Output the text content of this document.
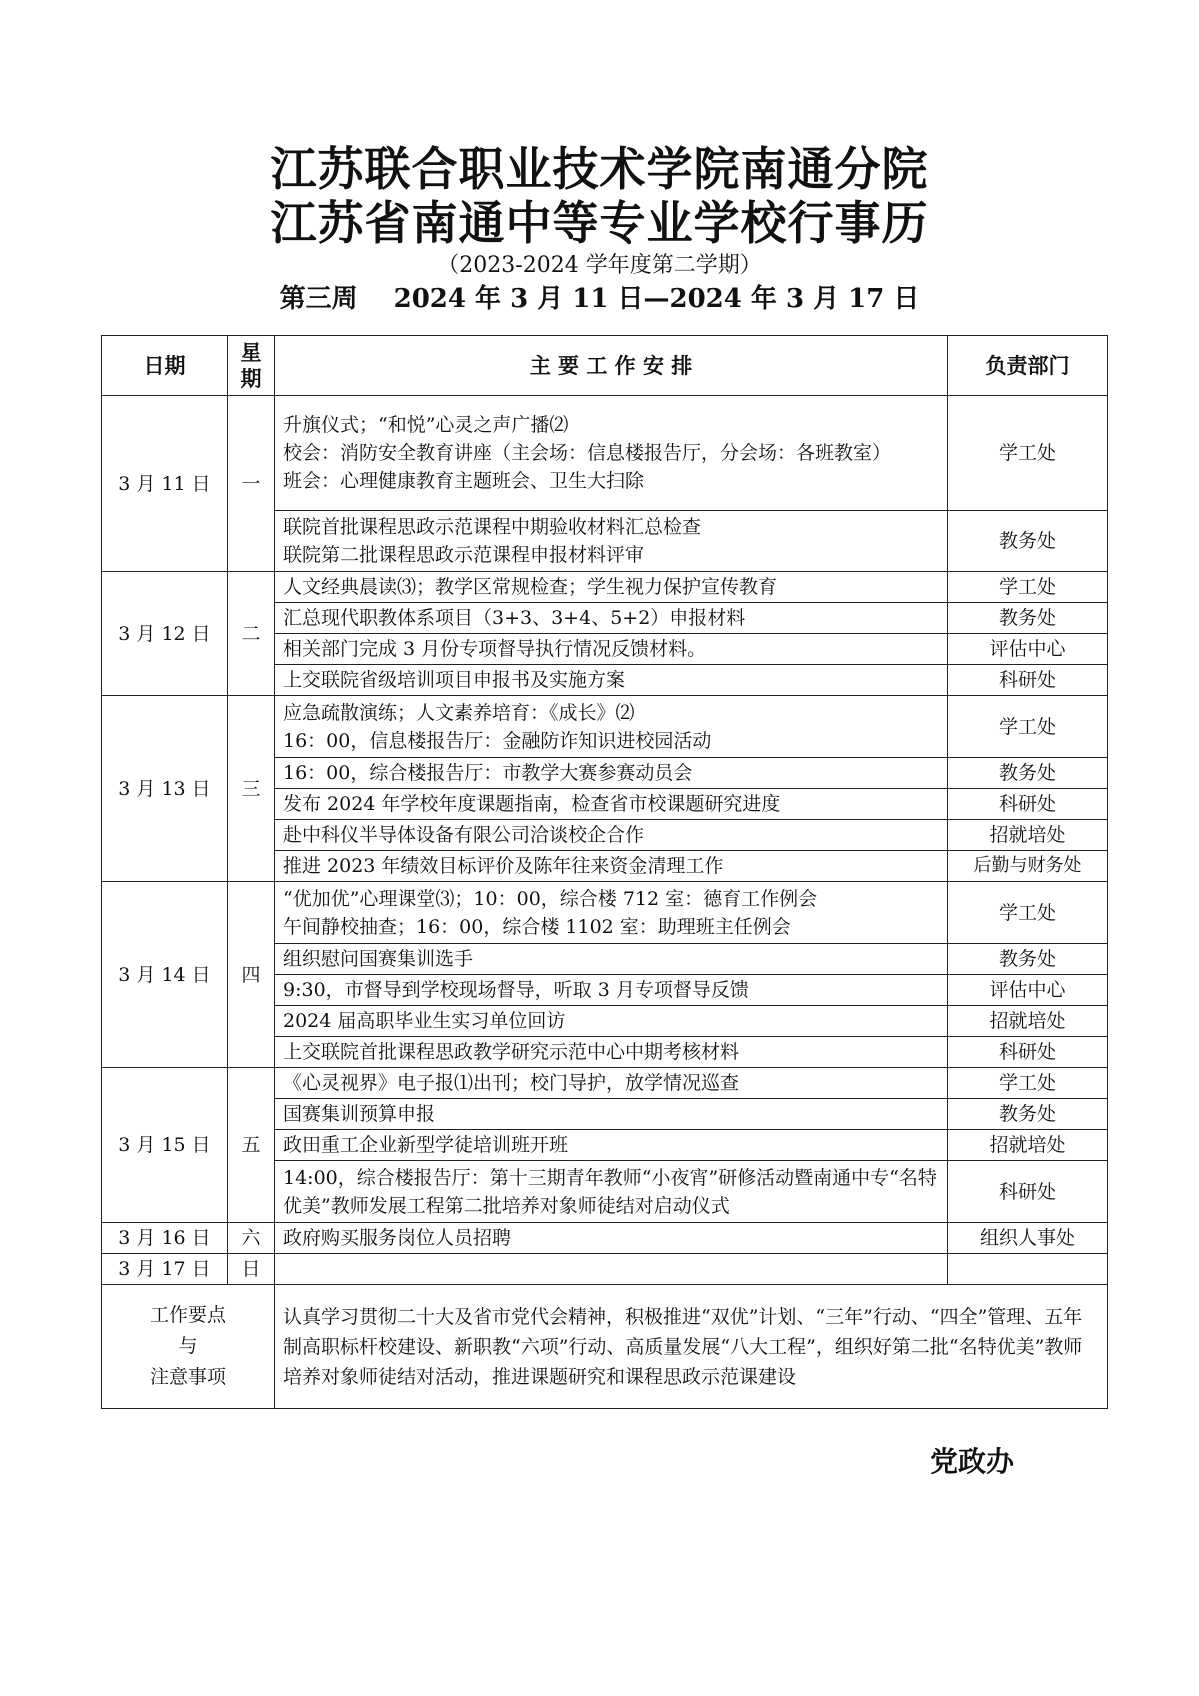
江苏联合职业技术学院南通分院
江苏省南通中等专业学校行事历
（2023-2024 学年度第二学期）
第三周 2024 年 3 月 11 日—2024 年 3 月 17 日
日期	星期	主 要 工 作 安 排	负责部门
3 月 11 日	一	升旗仪式；“和悦”心灵之声广播⑵
校会：消防安全教育讲座（主会场：信息楼报告厅，分会场：各班教室）
班会：心理健康教育主题班会、卫生大扫除	学工处

		联院首批课程思政示范课程中期验收材料汇总检查
联院第二批课程思政示范课程申报材料评审	教务处
3 月 12 日	二	人文经典晨读⑶；教学区常规检查；学生视力保护宣传教育	学工处
		汇总现代职教体系项目（3+3、3+4、5+2）申报材料	教务处
		相关部门完成 3 月份专项督导执行情况反馈材料。	评估中心
		上交联院省级培训项目申报书及实施方案	科研处
3 月 13 日	三	应急疏散演练；人文素养培育：《成长》⑵
16：00，信息楼报告厅：金融防诈知识进校园活动	学工处
		16：00，综合楼报告厅：市教学大赛参赛动员会	教务处
		发布 2024 年学校年度课题指南，检查省市校课题研究进度	科研处
		赴中科仪半导体设备有限公司洽谈校企合作	招就培处
		推进 2023 年绩效目标评价及陈年往来资金清理工作	后勤与财务处
3 月 14 日	四	“优加优”心理课堂⑶；10：00，综合楼 712 室：德育工作例会
午间静校抽查；16：00，综合楼 1102 室：助理班主任例会	学工处
		组织慰问国赛集训选手	教务处
		9:30，市督导到学校现场督导，听取 3 月专项督导反馈	评估中心
		2024 届高职毕业生实习单位回访	招就培处
		上交联院首批课程思政教学研究示范中心中期考核材料	科研处
3 月 15 日	五	《心灵视界》电子报⑴出刊；校门导护，放学情况巡查	学工处
		国赛集训预算申报	教务处
		政田重工企业新型学徒培训班开班	招就培处
		14:00，综合楼报告厅：第十三期青年教师“小夜宵”研修活动暨南通中专“名特优美”教师发展工程第二批培养对象师徒结对启动仪式	科研处
3 月 16 日	六	政府购买服务岗位人员招聘	组织人事处
3 月 17 日	日		

工作要点
与
注意事项		认真学习贯彻二十大及省市党代会精神，积极推进“双优”计划、“三年”行动、“四全”管理、五年制高职标杆校建设、新职教“六项”行动、高质量发展“八大工程”，组织好第二批“名特优美”教师培养对象师徒结对活动，推进课题研究和课程思政示范课建设	
党政办
